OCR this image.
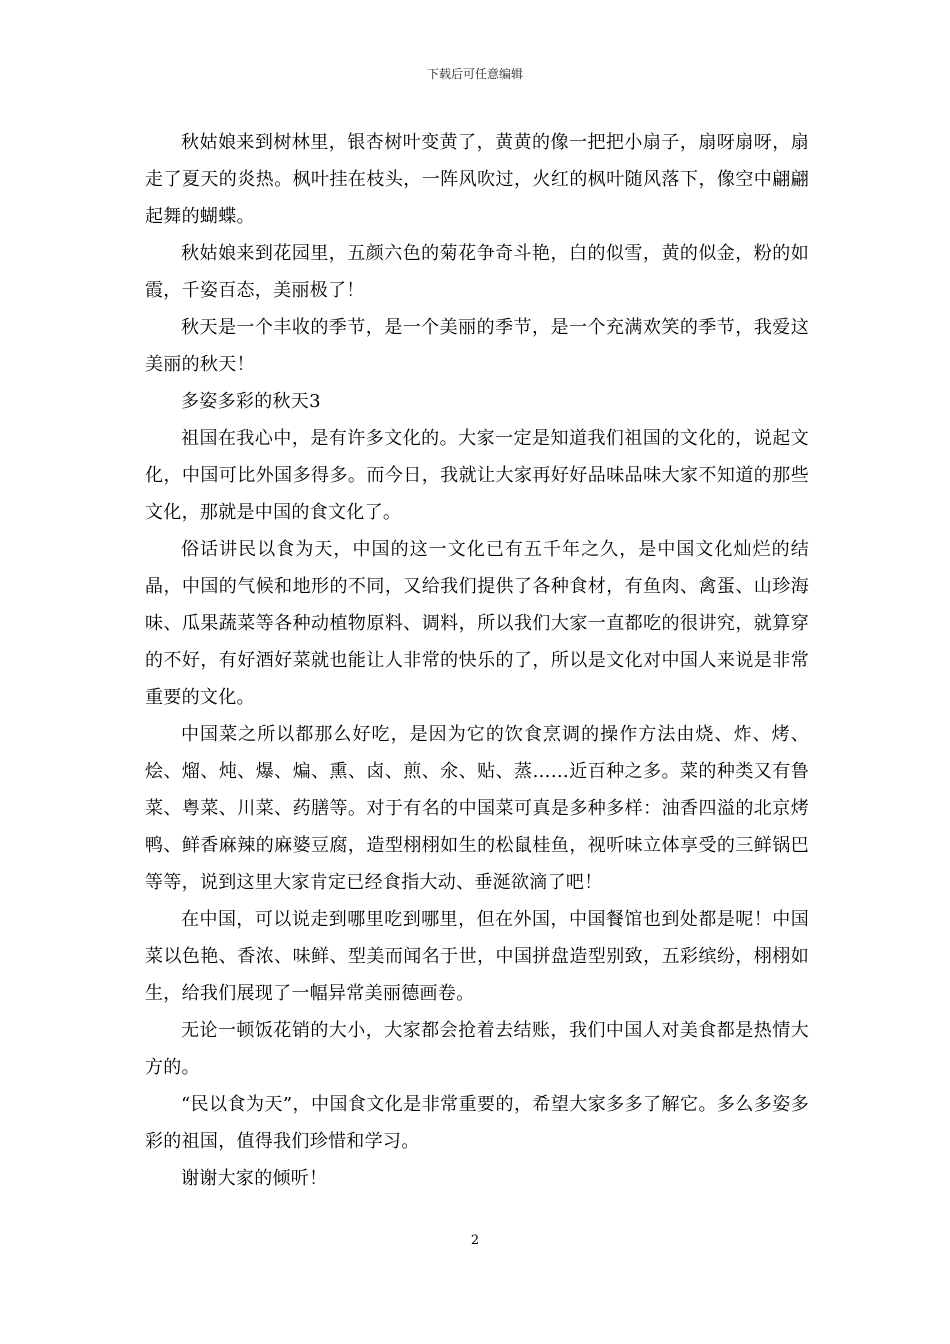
下载后可任意编辑

秋姑娘来到树林里，银杏树叶变黄了，黄黄的像一把把小扇子，扇呀扇呀，扇走了夏天的炎热。枫叶挂在枝头，一阵风吹过，火红的枫叶随风落下，像空中翩翩起舞的蝴蝶。

秋姑娘来到花园里，五颜六色的菊花争奇斗艳，白的似雪，黄的似金，粉的如霞，千姿百态，美丽极了！

秋天是一个丰收的季节，是一个美丽的季节，是一个充满欢笑的季节，我爱这美丽的秋天！

多姿多彩的秋天3

祖国在我心中，是有许多文化的。大家一定是知道我们祖国的文化的，说起文化，中国可比外国多得多。而今日，我就让大家再好好品味品味大家不知道的那些文化，那就是中国的食文化了。

俗话讲民以食为天，中国的这一文化已有五千年之久，是中国文化灿烂的结晶，中国的气候和地形的不同，又给我们提供了各种食材，有鱼肉、禽蛋、山珍海味、瓜果蔬菜等各种动植物原料、调料，所以我们大家一直都吃的很讲究，就算穿的不好，有好酒好菜就也能让人非常的快乐的了，所以是文化对中国人来说是非常重要的文化。

中国菜之所以都那么好吃，是因为它的饮食烹调的操作方法由烧、炸、烤、烩、熘、炖、爆、煸、熏、卤、煎、氽、贴、蒸……近百种之多。菜的种类又有鲁菜、粤菜、川菜、药膳等。对于有名的中国菜可真是多种多样：油香四溢的北京烤鸭、鲜香麻辣的麻婆豆腐，造型栩栩如生的松鼠桂鱼，视听味立体享受的三鲜锅巴等等，说到这里大家肯定已经食指大动、垂涎欲滴了吧！

在中国，可以说走到哪里吃到哪里，但在外国，中国餐馆也到处都是呢！中国菜以色艳、香浓、味鲜、型美而闻名于世，中国拼盘造型别致，五彩缤纷，栩栩如生，给我们展现了一幅异常美丽德画卷。

无论一顿饭花销的大小，大家都会抢着去结账，我们中国人对美食都是热情大方的。

“民以食为天”，中国食文化是非常重要的，希望大家多多了解它。多么多姿多彩的祖国，值得我们珍惜和学习。

谢谢大家的倾听！

2
